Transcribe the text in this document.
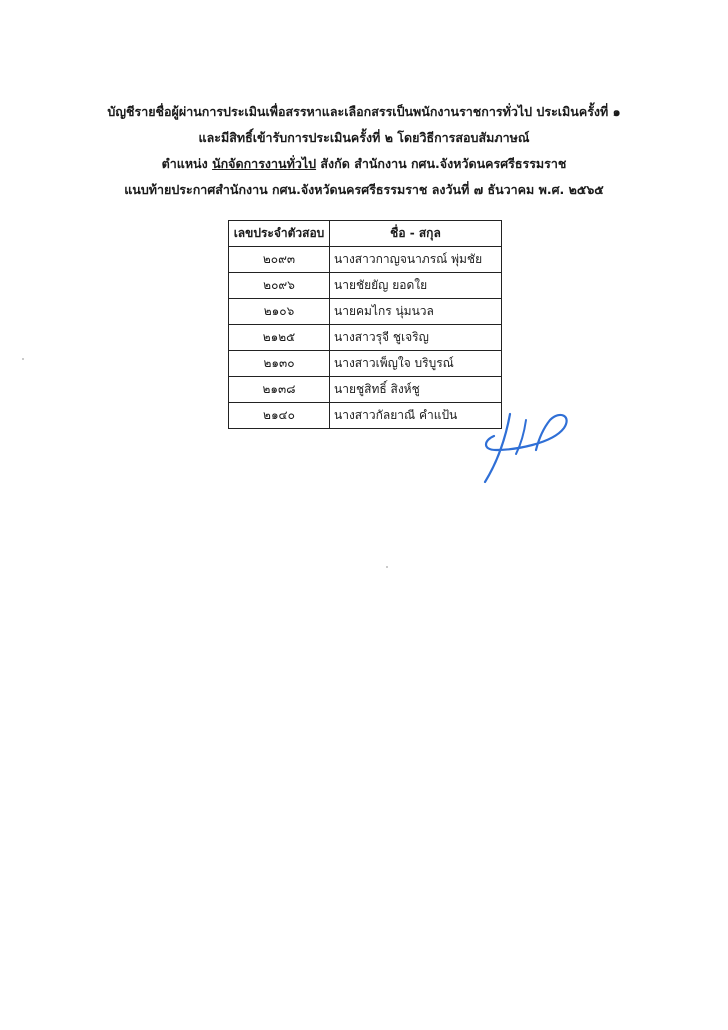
บัญชีรายชื่อผู้ผ่านการประเมินเพื่อสรรหาและเลือกสรรเป็นพนักงานราชการทั่วไป ประเมินครั้งที่ ๑
และมีสิทธิ์เข้ารับการประเมินครั้งที่ ๒ โดยวิธีการสอบสัมภาษณ์
ตำแหน่ง นักจัดการงานทั่วไป สังกัด สำนักงาน กศน.จังหวัดนครศรีธรรมราช
แนบท้ายประกาศสำนักงาน กศน.จังหวัดนครศรีธรรมราช ลงวันที่ ๗ ธันวาคม พ.ศ. ๒๕๖๕
เลขประจำตัวสอบ	ชื่อ - สกุล
๒๐๙๓	นางสาวกาญจนาภรณ์ พุ่มชัย
๒๐๙๖	นายชัยยัญ ยอดใย
๒๑๐๖	นายคมไกร นุ่มนวล
๒๑๒๕	นางสาวรุจี ชูเจริญ
๒๑๓๐	นางสาวเพ็ญใจ บริบูรณ์
๒๑๓๘	นายชูสิทธิ์ สิงห์ชู
๒๑๔๐	นางสาวกัลยาณี คำแป้น
